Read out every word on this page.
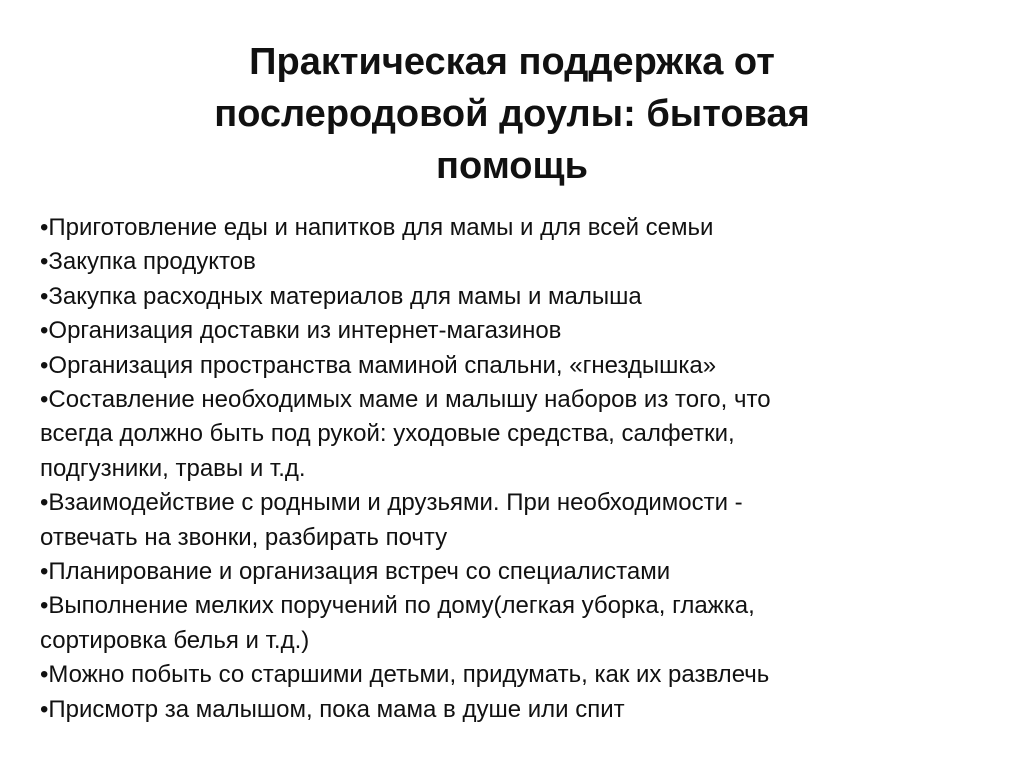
Практическая поддержка от
послеродовой доулы: бытовая
помощь
•Приготовление еды и напитков для мамы и для всей семьи
•Закупка продуктов
•Закупка расходных материалов для мамы и малыша
•Организация доставки из интернет-магазинов
•Организация пространства маминой спальни, «гнездышка»
•Составление необходимых маме и малышу наборов из того, что
всегда должно быть под рукой: уходовые средства, салфетки,
подгузники, травы и т.д.
•Взаимодействие с родными и друзьями. При необходимости -
отвечать на звонки, разбирать почту
•Планирование и организация встреч со специалистами
•Выполнение мелких поручений по дому(легкая уборка, глажка,
сортировка белья и т.д.)
•Можно побыть со старшими детьми, придумать, как их развлечь
•Присмотр за малышом, пока мама в душе или спит
